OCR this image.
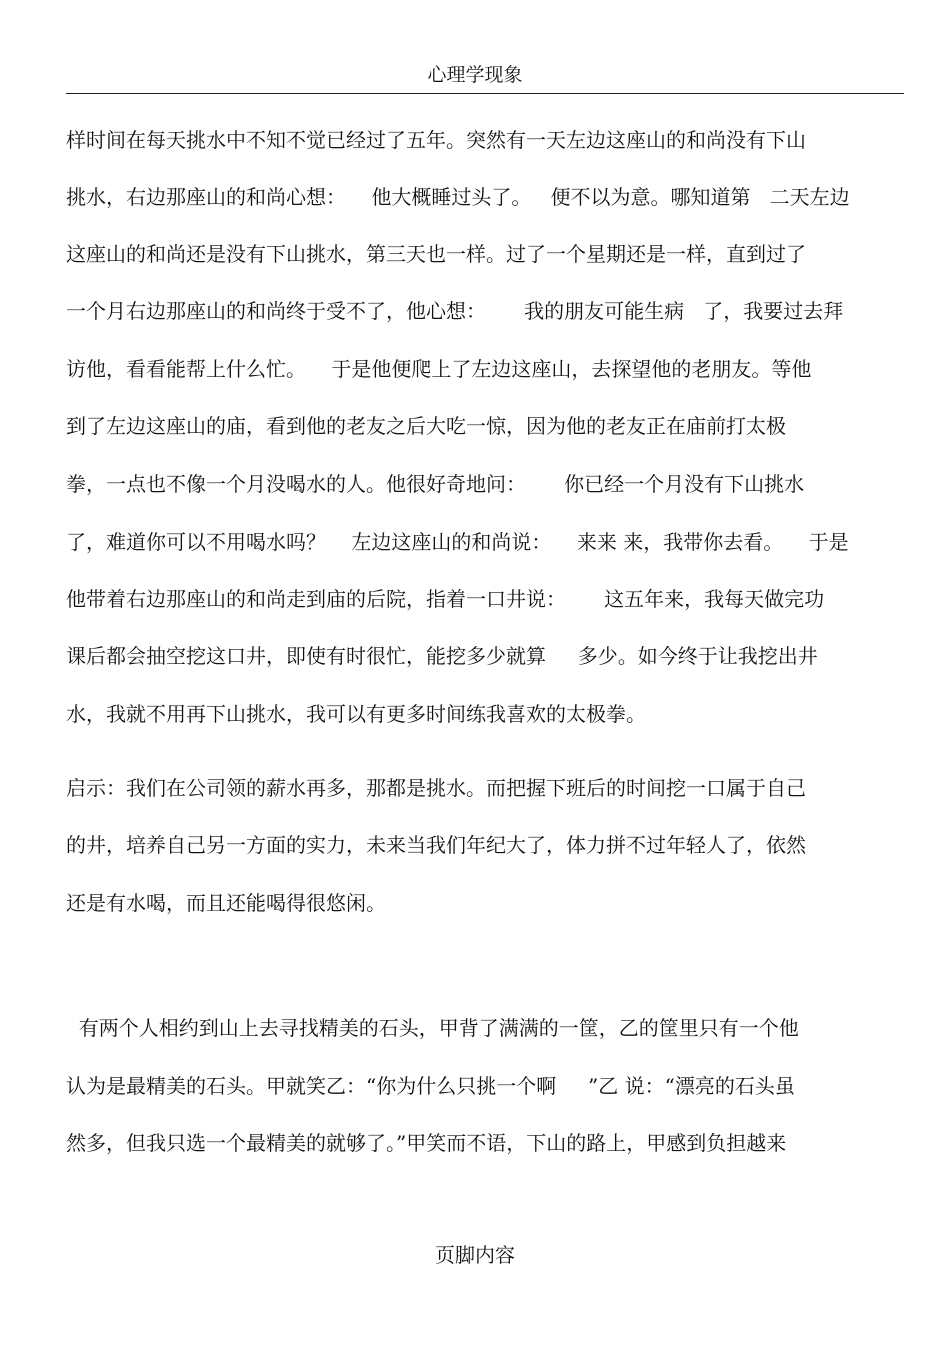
心理学现象
样时间在每天挑水中不知不觉已经过了五年。突然有一天左边这座山的和尚没有下山
挑水，右边那座山的和尚心想：    他大概睡过头了。   便不以为意。哪知道第   二天左边
这座山的和尚还是没有下山挑水，第三天也一样。过了一个星期还是一样，直到过了
一个月右边那座山的和尚终于受不了，他心想：      我的朋友可能生病   了，我要过去拜
访他，看看能帮上什么忙。    于是他便爬上了左边这座山，去探望他的老朋友。等他
到了左边这座山的庙，看到他的老友之后大吃一惊，因为他的老友正在庙前打太极
拳，一点也不像一个月没喝水的人。他很好奇地问：      你已经一个月没有下山挑水
了，难道你可以不用喝水吗？    左边这座山的和尚说：    来来 来，我带你去看。    于是
他带着右边那座山的和尚走到庙的后院，指着一口井说：      这五年来，我每天做完功
课后都会抽空挖这口井，即使有时很忙，能挖多少就算     多少。如今终于让我挖出井
水，我就不用再下山挑水，我可以有更多时间练我喜欢的太极拳。
启示：我们在公司领的薪水再多，那都是挑水。而把握下班后的时间挖一口属于自己
的井，培养自己另一方面的实力，未来当我们年纪大了，体力拼不过年轻人了，依然
还是有水喝，而且还能喝得很悠闲。
有两个人相约到山上去寻找精美的石头，甲背了满满的一筐，乙的筐里只有一个他
认为是最精美的石头。甲就笑乙：“你为什么只挑一个啊     ”乙 说：“漂亮的石头虽
然多，但我只选一个最精美的就够了。”甲笑而不语，下山的路上，甲感到负担越来
页脚内容
